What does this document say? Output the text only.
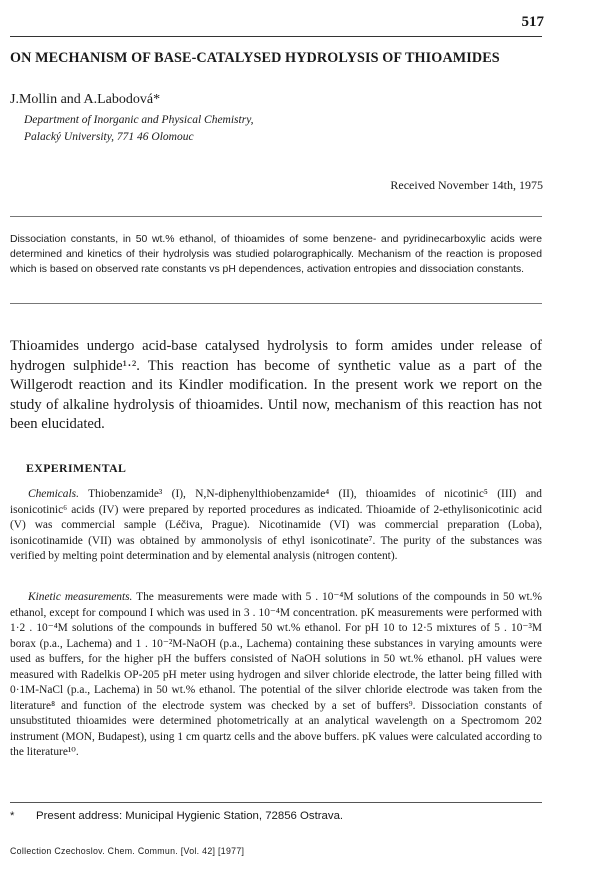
517
ON MECHANISM OF BASE-CATALYSED HYDROLYSIS OF THIOAMIDES
J.Mollin and A.Labodová*
Department of Inorganic and Physical Chemistry,
Palacký University, 771 46 Olomouc
Received November 14th, 1975
Dissociation constants, in 50 wt.% ethanol, of thioamides of some benzene- and pyridinecarboxylic acids were determined and kinetics of their hydrolysis was studied polarographically. Mechanism of the reaction is proposed which is based on observed rate constants vs pH dependences, activation entropies and dissociation constants.
Thioamides undergo acid-base catalysed hydrolysis to form amides under release of hydrogen sulphide¹·². This reaction has become of synthetic value as a part of the Willgerodt reaction and its Kindler modification. In the present work we report on the study of alkaline hydrolysis of thioamides. Until now, mechanism of this reaction has not been elucidated.
EXPERIMENTAL
Chemicals. Thiobenzamide³ (I), N,N-diphenylthiobenzamide⁴ (II), thioamides of nicotinic⁵ (III) and isonicotinic⁶ acids (IV) were prepared by reported procedures as indicated. Thioamide of 2-ethylisonicotinic acid (V) was commercial sample (Léčiva, Prague). Nicotinamide (VI) was commercial preparation (Loba), isonicotinamide (VII) was obtained by ammonolysis of ethyl isonicotinate⁷. The purity of the substances was verified by melting point determination and by elemental analysis (nitrogen content).
Kinetic measurements. The measurements were made with 5 . 10⁻⁴M solutions of the compounds in 50 wt.% ethanol, except for compound I which was used in 3 . 10⁻⁴M concentration. pK measurements were performed with 1·2 . 10⁻⁴M solutions of the compounds in buffered 50 wt.% ethanol. For pH 10 to 12·5 mixtures of 5 . 10⁻³M borax (p.a., Lachema) and 1 . 10⁻²M-NaOH (p.a., Lachema) containing these substances in varying amounts were used as buffers, for the higher pH the buffers consisted of NaOH solutions in 50 wt.% ethanol. pH values were measured with Radelkis OP-205 pH meter using hydrogen and silver chloride electrode, the latter being filled with 0·1M-NaCl (p.a., Lachema) in 50 wt.% ethanol. The potential of the silver chloride electrode was taken from the literature⁸ and function of the electrode system was checked by a set of buffers⁹. Dissociation constants of unsubstituted thioamides were determined photometrically at an analytical wavelength on a Spectromom 202 instrument (MON, Budapest), using 1 cm quartz cells and the above buffers. pK values were calculated according to the literature¹⁰.
* Present address: Municipal Hygienic Station, 72856 Ostrava.
Collection Czechoslov. Chem. Commun. [Vol. 42] [1977]
